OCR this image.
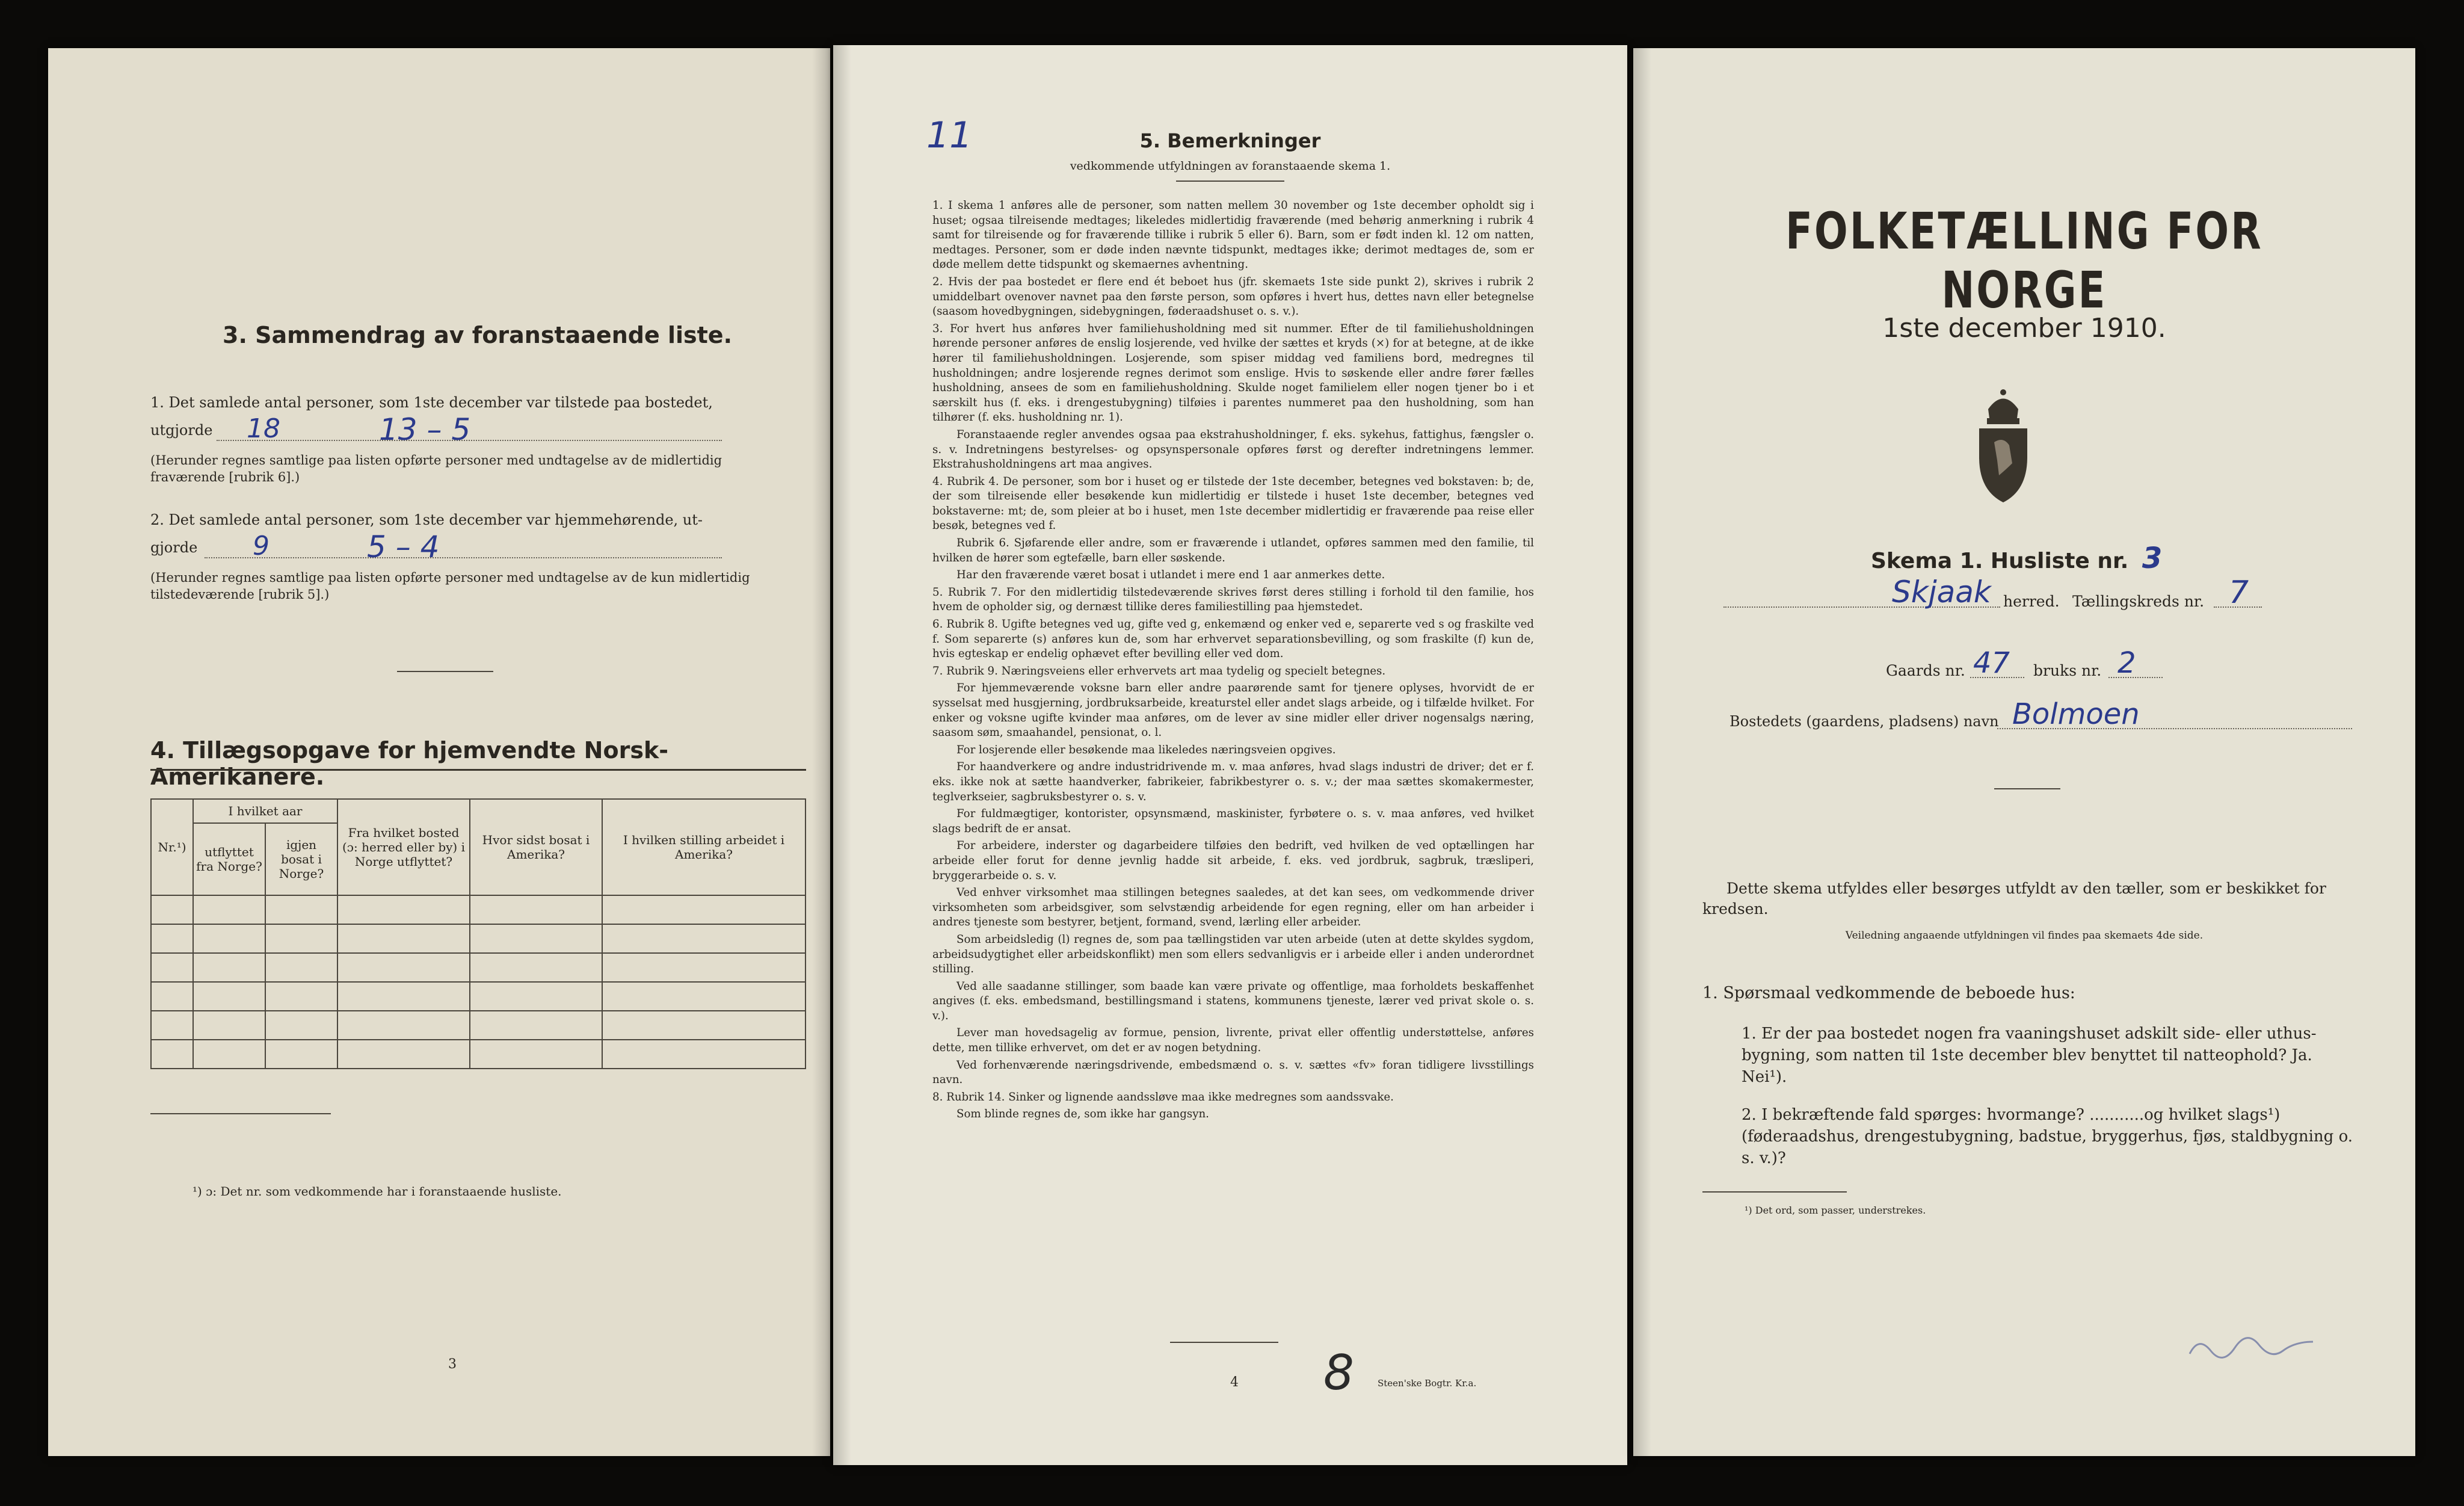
3. Sammendrag av foranstaaende liste.
1. Det samlede antal personer, som 1ste december var tilstede paa bostedet,
utgjorde 18	13 – 5
(Herunder regnes samtlige paa listen opførte personer med undtagelse av de midlertidig fraværende [rubrik 6].)
2. Det samlede antal personer, som 1ste december var hjemmehørende, ut-
gjorde 9	5 – 4
(Herunder regnes samtlige paa listen opførte personer med undtagelse av de kun midlertidig tilstedeværende [rubrik 5].)
4. Tillægsopgave for hjemvendte Norsk-Amerikanere.
Nr.¹)	I hvilket aar		Fra hvilket bosted (ɔ: herred eller by) i Norge utflyttet?	Hvor sidst bosat i Amerika?	I hvilken stilling arbeidet i Amerika?
	utflyttet fra Norge?	igjen bosat i Norge?			

¹) ɔ: Det nr. som vedkommende har i foranstaaende husliste.
3
11	5. Bemerkninger
vedkommende utfyldningen av foranstaaende skema 1.

1. I skema 1 anføres alle de personer, som natten mellem 30 november og 1ste december opholdt sig i huset; ogsaa tilreisende medtages; likeledes midlertidig fraværende (med behørig anmerkning i rubrik 4 samt for tilreisende og for fraværende tillike i rubrik 5 eller 6). Barn, som er født inden kl. 12 om natten, medtages. Personer, som er døde inden nævnte tidspunkt, medtages ikke; derimot medtages de, som er døde mellem dette tidspunkt og skemaernes avhentning.

2. Hvis der paa bostedet er flere end ét beboet hus (jfr. skemaets 1ste side punkt 2), skrives i rubrik 2 umiddelbart ovenover navnet paa den første person, som opføres i hvert hus, dettes navn eller betegnelse (saasom hovedbygningen, sidebygningen, føderaadshuset o. s. v.).

3. For hvert hus anføres hver familiehusholdning med sit nummer. Efter de til familiehusholdningen hørende personer anføres de enslig losjerende, ved hvilke der sættes et kryds (×) for at betegne, at de ikke hører til familiehusholdningen. Losjerende, som spiser middag ved familiens bord, medregnes til husholdningen; andre losjerende regnes derimot som enslige. Hvis to søskende eller andre fører fælles husholdning, ansees de som en familiehusholdning. Skulde noget familielem eller nogen tjener bo i et særskilt hus (f. eks. i drengestubygning) tilføies i parentes nummeret paa den husholdning, som han tilhører (f. eks. husholdning nr. 1).

Foranstaaende regler anvendes ogsaa paa ekstrahusholdninger, f. eks. sykehus, fattighus, fængsler o. s. v. Indretningens bestyrelses- og opsynspersonale opføres først og derefter indretningens lemmer. Ekstrahusholdningens art maa angives.

4. Rubrik 4. De personer, som bor i huset og er tilstede der 1ste december, betegnes ved bokstaven: b; de, der som tilreisende eller besøkende kun midlertidig er tilstede i huset 1ste december, betegnes ved bokstaverne: mt; de, som pleier at bo i huset, men 1ste december midlertidig er fraværende paa reise eller besøk, betegnes ved f.

Rubrik 6. Sjøfarende eller andre, som er fraværende i utlandet, opføres sammen med den familie, til hvilken de hører som egtefælle, barn eller søskende.

Har den fraværende været bosat i utlandet i mere end 1 aar anmerkes dette.

5. Rubrik 7. For den midlertidig tilstedeværende skrives først deres stilling i forhold til den familie, hos hvem de opholder sig, og dernæst tillike deres familiestilling paa hjemstedet.

6. Rubrik 8. Ugifte betegnes ved ug, gifte ved g, enkemænd og enker ved e, separerte ved s og fraskilte ved f. Som separerte (s) anføres kun de, som har erhvervet separationsbevilling, og som fraskilte (f) kun de, hvis egteskap er endelig ophævet efter bevilling eller ved dom.

7. Rubrik 9. Næringsveiens eller erhvervets art maa tydelig og specielt betegnes.

For hjemmeværende voksne barn eller andre paarørende samt for tjenere oplyses, hvorvidt de er sysselsat med husgjerning, jordbruksarbeide, kreaturstel eller andet slags arbeide, og i tilfælde hvilket. For enker og voksne ugifte kvinder maa anføres, om de lever av sine midler eller driver nogensalgs næring, saasom søm, smaahandel, pensionat, o. l.

For losjerende eller besøkende maa likeledes næringsveien opgives.

For haandverkere og andre industridrivende m. v. maa anføres, hvad slags industri de driver; det er f. eks. ikke nok at sætte haandverker, fabrikeier, fabrikbestyrer o. s. v.; der maa sættes skomakermester, teglverkseier, sagbruksbestyrer o. s. v.

For fuldmægtiger, kontorister, opsynsmænd, maskinister, fyrbøtere o. s. v. maa anføres, ved hvilket slags bedrift de er ansat.

For arbeidere, inderster og dagarbeidere tilføies den bedrift, ved hvilken de ved optællingen har arbeide eller forut for denne jevnlig hadde sit arbeide, f. eks. ved jordbruk, sagbruk, træsliperi, bryggerarbeide o. s. v.

Ved enhver virksomhet maa stillingen betegnes saaledes, at det kan sees, om vedkommende driver virksomheten som arbeidsgiver, som selvstændig arbeidende for egen regning, eller om han arbeider i andres tjeneste som bestyrer, betjent, formand, svend, lærling eller arbeider.

Som arbeidsledig (l) regnes de, som paa tællingstiden var uten arbeide (uten at dette skyldes sygdom, arbeidsudygtighet eller arbeidskonflikt) men som ellers sedvanligvis er i arbeide eller i anden underordnet stilling.

Ved alle saadanne stillinger, som baade kan være private og offentlige, maa forholdets beskaffenhet angives (f. eks. embedsmand, bestillingsmand i statens, kommunens tjeneste, lærer ved privat skole o. s. v.).

Lever man hovedsagelig av formue, pension, livrente, privat eller offentlig understøttelse, anføres dette, men tillike erhvervet, om det er av nogen betydning.

Ved forhenværende næringsdrivende, embedsmænd o. s. v. sættes «fv» foran tidligere livsstillings navn.

8. Rubrik 14. Sinker og lignende aandssløve maa ikke medregnes som aandssvake.

Som blinde regnes de, som ikke har gangsyn.

4 8	Steen'ske Bogtr. Kr.a.
FOLKETÆLLING FOR NORGE
1ste december 1910.
Skema 1. Husliste nr. 3
Skjaak herred. Tællingskreds nr. 7
Gaards nr. 47 bruks nr. 2
Bostedets (gaardens, pladsens) navn Bolmoen
Dette skema utfyldes eller besørges utfyldt av den tæller, som er beskikket for kredsen.
Veiledning angaaende utfyldningen vil findes paa skemaets 4de side.
1. Spørsmaal vedkommende de beboede hus:
1. Er der paa bostedet nogen fra vaaningshuset adskilt side- eller uthus-bygning, som natten til 1ste december blev benyttet til natteophold? Ja. Nei¹).
2. I bekræftende fald spørges: hvormange? ...........og hvilket slags¹) (føderaadshus, drengestubygning, badstue, bryggerhus, fjøs, staldbygning o. s. v.)?
¹) Det ord, som passer, understrekes.
